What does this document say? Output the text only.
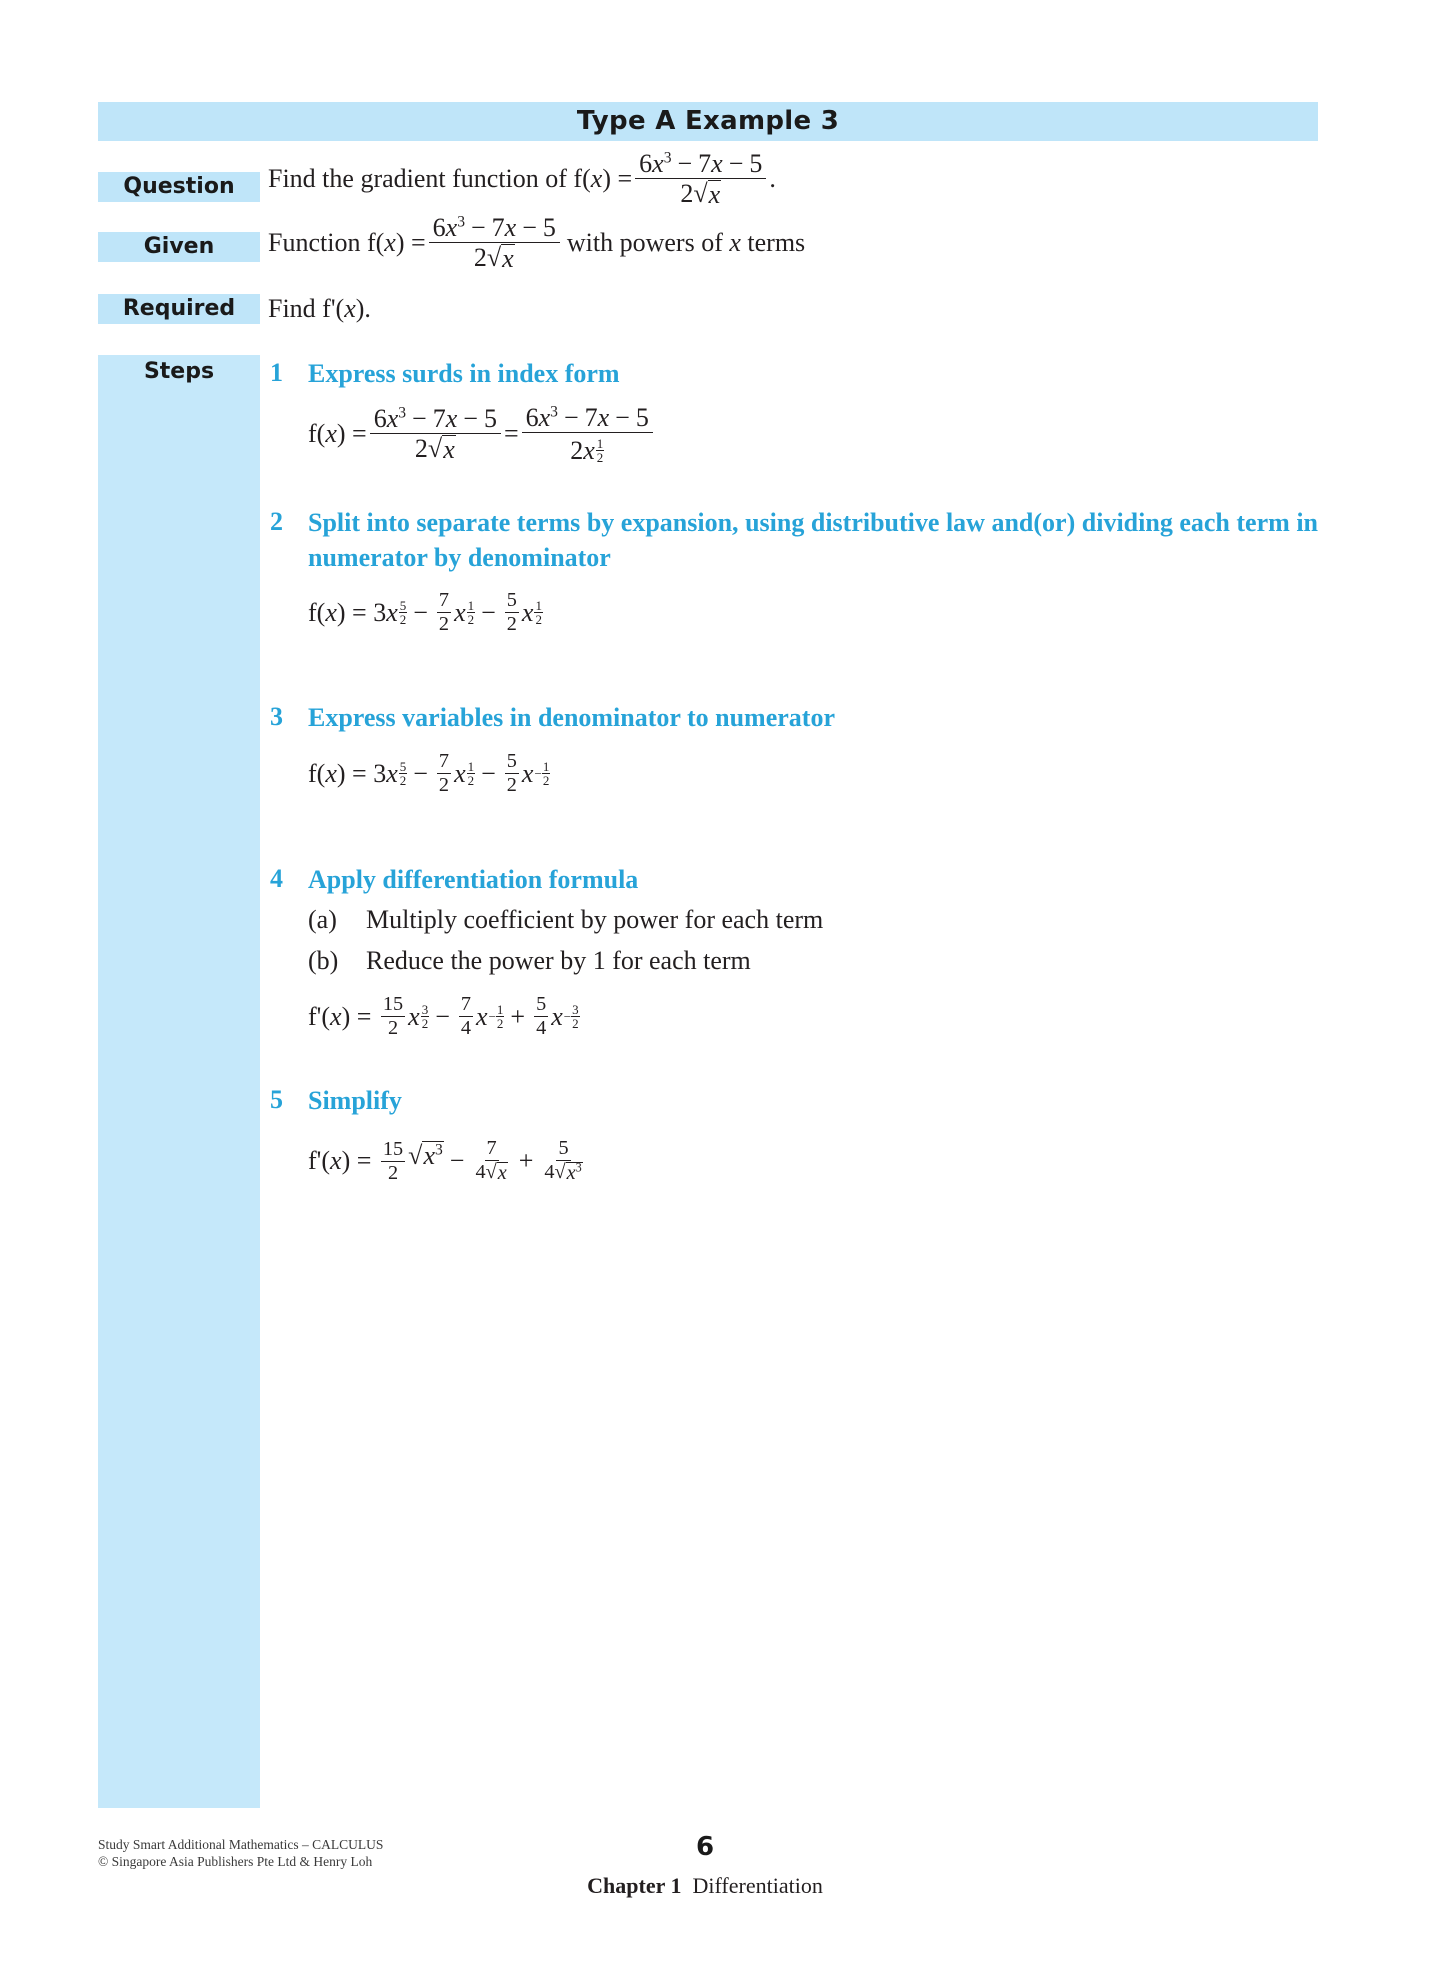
Type A Example 3
Question
Given
Required
Steps
Find the gradient function of f( x ) = $\frac{6x^3 - 7x - 5}{2 √ x}$ .
Function f( x ) = $\frac{6x^3 - 7x - 5}{2 √ x}$ with powers of
x
terms
Find f'( x ).
1 Express surds in index form
f( x ) = $\frac{6x^3 - 7x - 5}{2 √ x} = \frac{6x^3 - 7x - 5}{2x \frac{1}{2}}$
2 Split into separate terms by expansion, using distributive law and(or) dividing each term in numerator by denominator
f( x ) =
3 x 5
$2 - \frac{7}{2}$ x 1
$2 - \frac{5}{2}$ x 1
2
3 Express variables in denominator to numerator
f( x ) =
3 x 5
$2 - \frac{7}{2}$ x 1
$2 - \frac{5}{2}$ $x - \frac{1}{2}$
4 Apply differentiation formula
(a) Multiply coefficient by power for each term
(b) Reduce the power by 1 for each term
f'( x ) =
$\frac{15}{2}$ x 3
$2 - \frac{7}{4}$ $x - \frac{1}{2} + \frac{5}{4}$ $x - \frac{3}{2}$
5 Simplify
f'( x ) =
$\frac{15}{2}$ √ $x^3 - \frac{7}{4 √ x} + \frac{5}{4 √ x^3}$
Study Smart Additional Mathematics – CALCULUS
© Singapore Asia Publishers Pte Ltd & Henry Loh	6
Chapter 1 Differentiation
